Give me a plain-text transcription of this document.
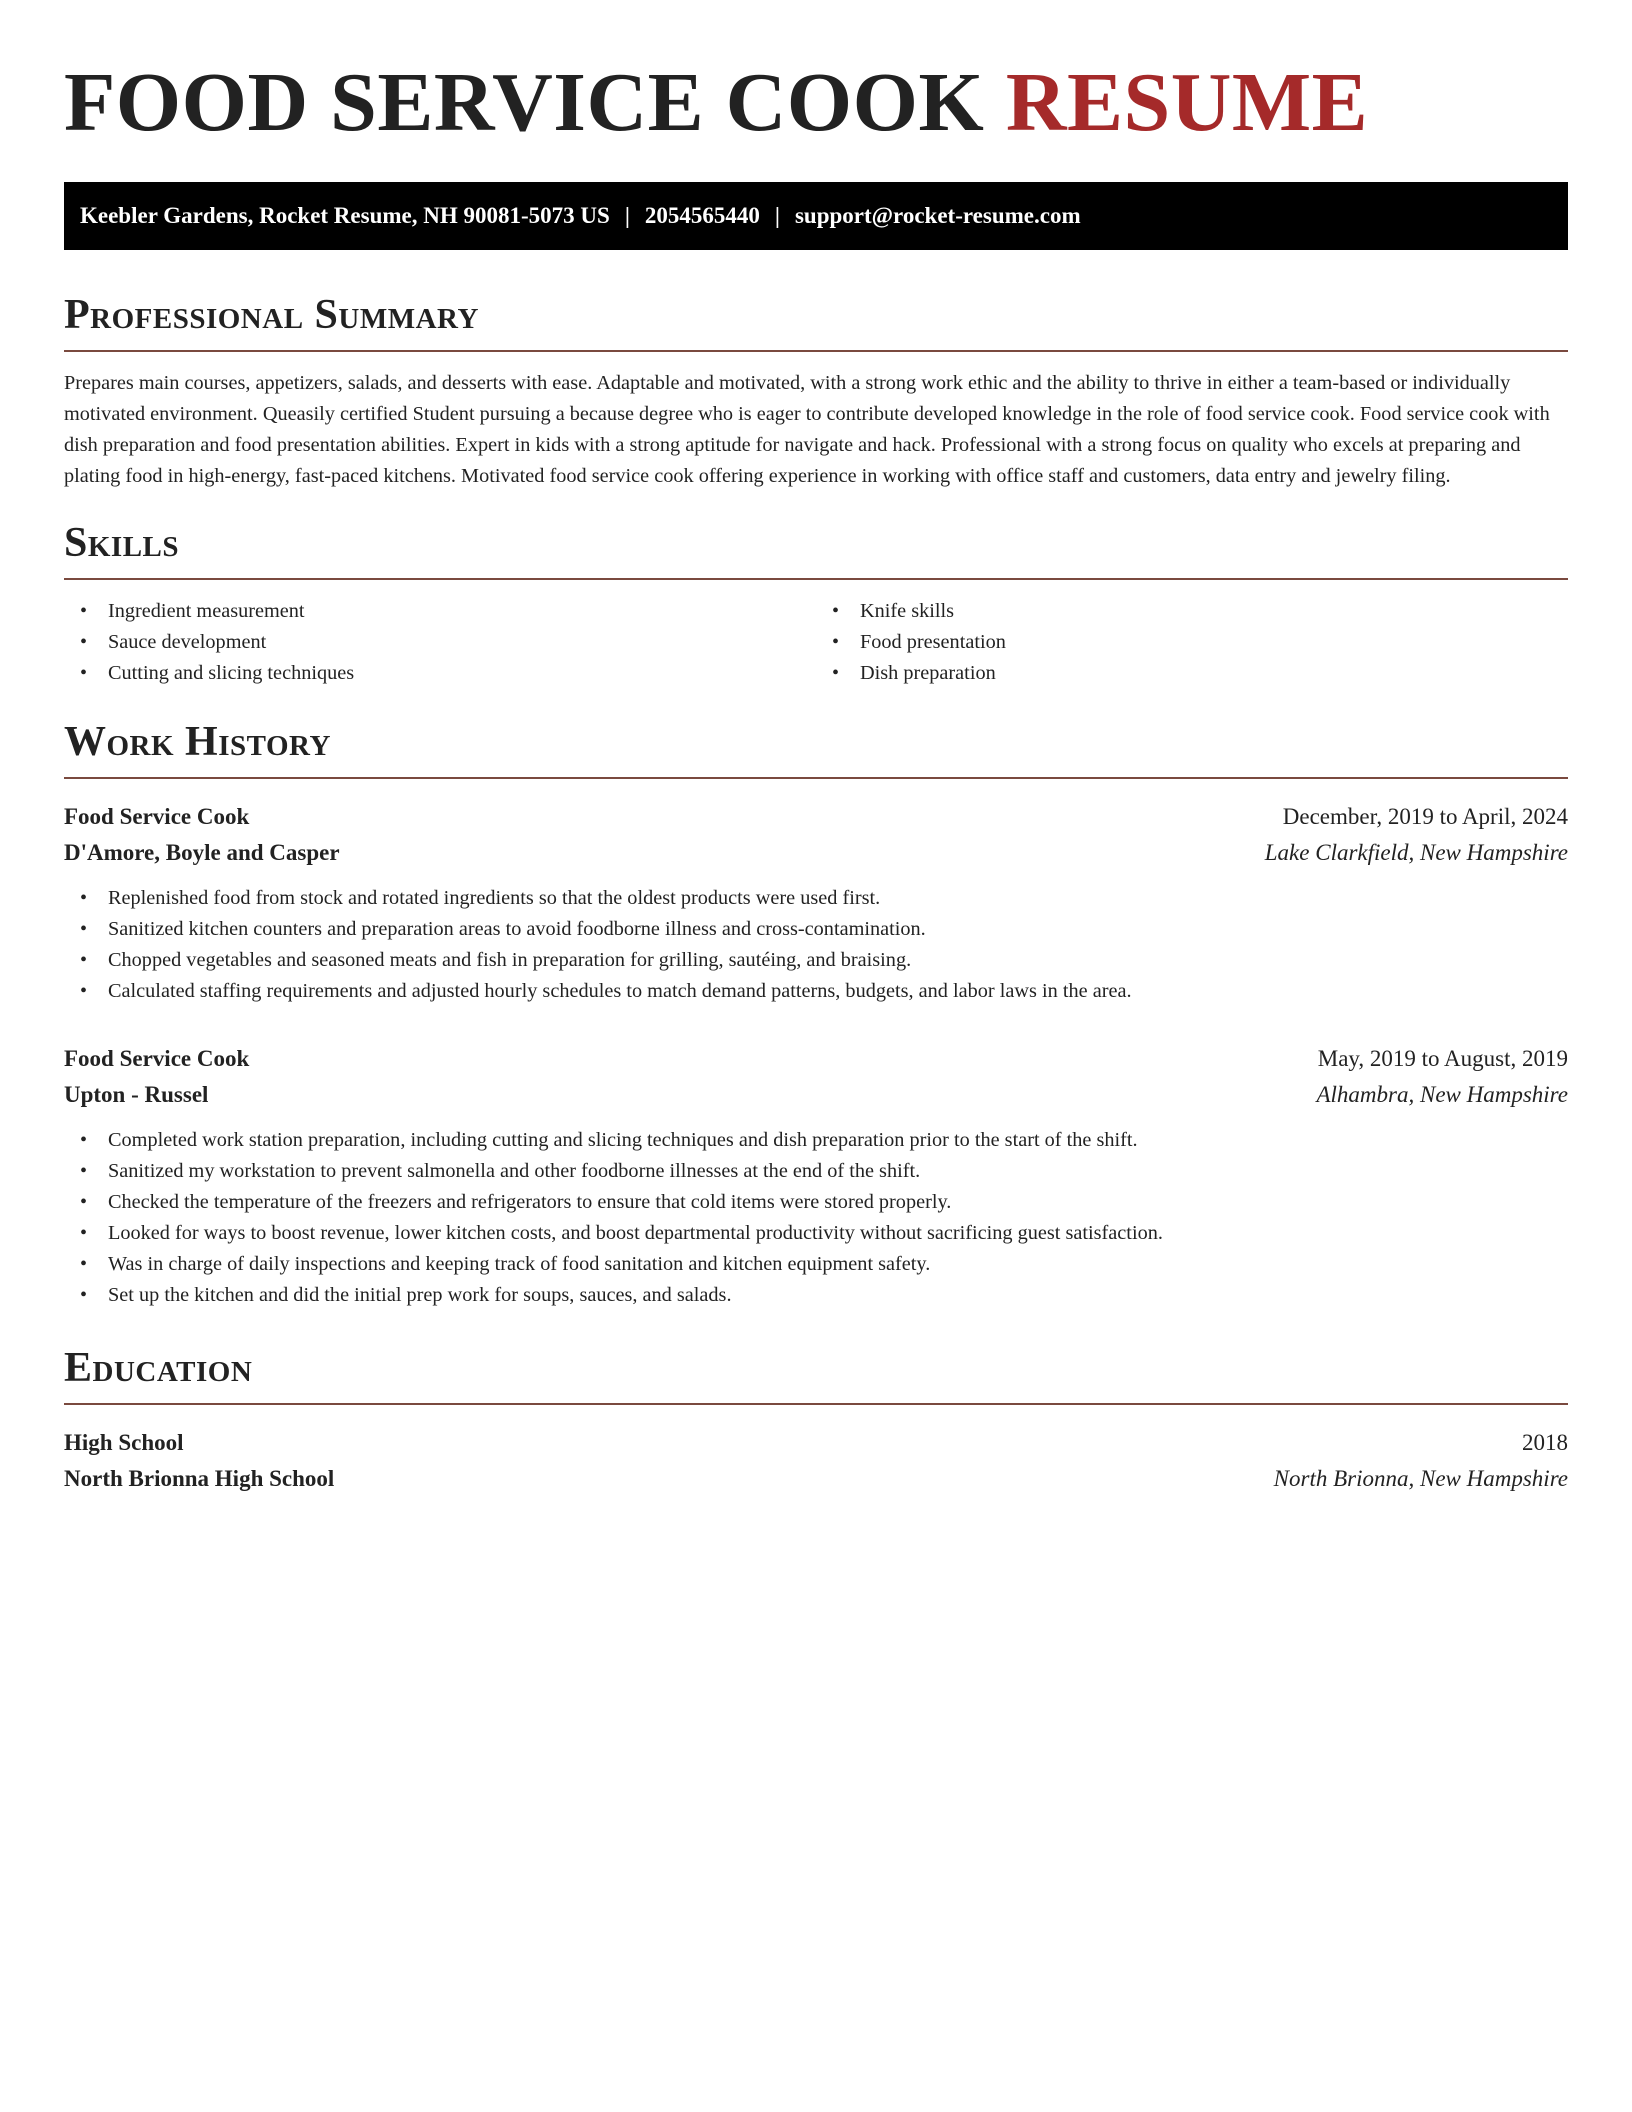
FOOD SERVICE COOK RESUME
Keebler Gardens, Rocket Resume, NH 90081-5073 US | 2054565440 | support@rocket-resume.com
Professional Summary

Prepares main courses, appetizers, salads, and desserts with ease. Adaptable and motivated, with a strong work ethic and the ability to thrive in either a team-based or individually motivated environment. Queasily certified Student pursuing a because degree who is eager to contribute developed knowledge in the role of food service cook. Food service cook with dish preparation and food presentation abilities. Expert in kids with a strong aptitude for navigate and hack. Professional with a strong focus on quality who excels at preparing and plating food in high-energy, fast-paced kitchens. Motivated food service cook offering experience in working with office staff and customers, data entry and jewelry filing.

Skills
• Ingredient measurement
• Sauce development
• Cutting and slicing techniques
• Knife skills
• Food presentation
• Dish preparation
Work History
Food Service Cook	December, 2019 to April, 2024
D'Amore, Boyle and Casper	Lake Clarkfield, New Hampshire
• Replenished food from stock and rotated ingredients so that the oldest products were used first.
• Sanitized kitchen counters and preparation areas to avoid foodborne illness and cross-contamination.
• Chopped vegetables and seasoned meats and fish in preparation for grilling, sautéing, and braising.
• Calculated staffing requirements and adjusted hourly schedules to match demand patterns, budgets, and labor laws in the area.
Food Service Cook	May, 2019 to August, 2019
Upton - Russel	Alhambra, New Hampshire
• Completed work station preparation, including cutting and slicing techniques and dish preparation prior to the start of the shift.
• Sanitized my workstation to prevent salmonella and other foodborne illnesses at the end of the shift.
• Checked the temperature of the freezers and refrigerators to ensure that cold items were stored properly.
• Looked for ways to boost revenue, lower kitchen costs, and boost departmental productivity without sacrificing guest satisfaction.
• Was in charge of daily inspections and keeping track of food sanitation and kitchen equipment safety.
• Set up the kitchen and did the initial prep work for soups, sauces, and salads.
Education
High School	2018
North Brionna High School	North Brionna, New Hampshire
